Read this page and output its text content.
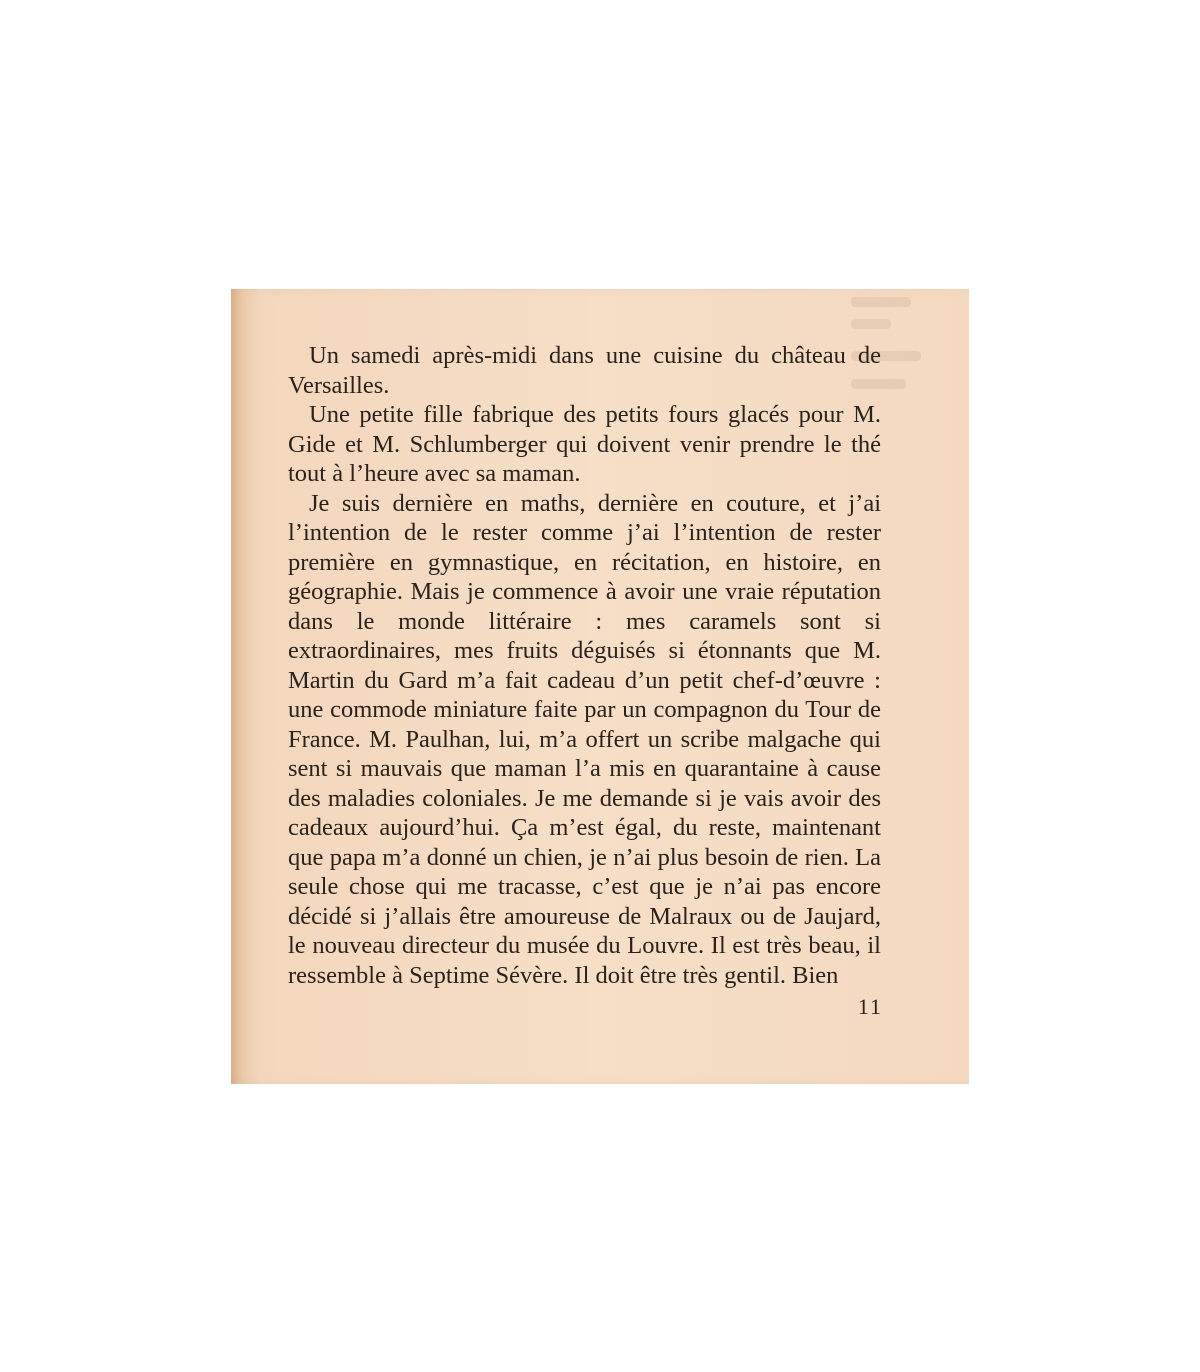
Un samedi après-midi dans une cuisine du château de Versailles.

Une petite fille fabrique des petits fours glacés pour M. Gide et M. Schlumberger qui doivent venir prendre le thé tout à l’heure avec sa maman.

Je suis dernière en maths, dernière en couture, et j’ai l’intention de le rester comme j’ai l’intention de rester première en gymnastique, en récitation, en histoire, en géographie. Mais je commence à avoir une vraie réputation dans le monde littéraire : mes caramels sont si extraordinaires, mes fruits déguisés si étonnants que M. Martin du Gard m’a fait cadeau d’un petit chef-d’œuvre : une commode miniature faite par un compagnon du Tour de France. M. Paulhan, lui, m’a offert un scribe malgache qui sent si mauvais que maman l’a mis en quarantaine à cause des maladies coloniales. Je me demande si je vais avoir des cadeaux aujourd’hui. Ça m’est égal, du reste, maintenant que papa m’a donné un chien, je n’ai plus besoin de rien. La seule chose qui me tracasse, c’est que je n’ai pas encore décidé si j’allais être amoureuse de Malraux ou de Jaujard, le nouveau directeur du musée du Louvre. Il est très beau, il ressemble à Septime Sévère. Il doit être très gentil. Bien

11
